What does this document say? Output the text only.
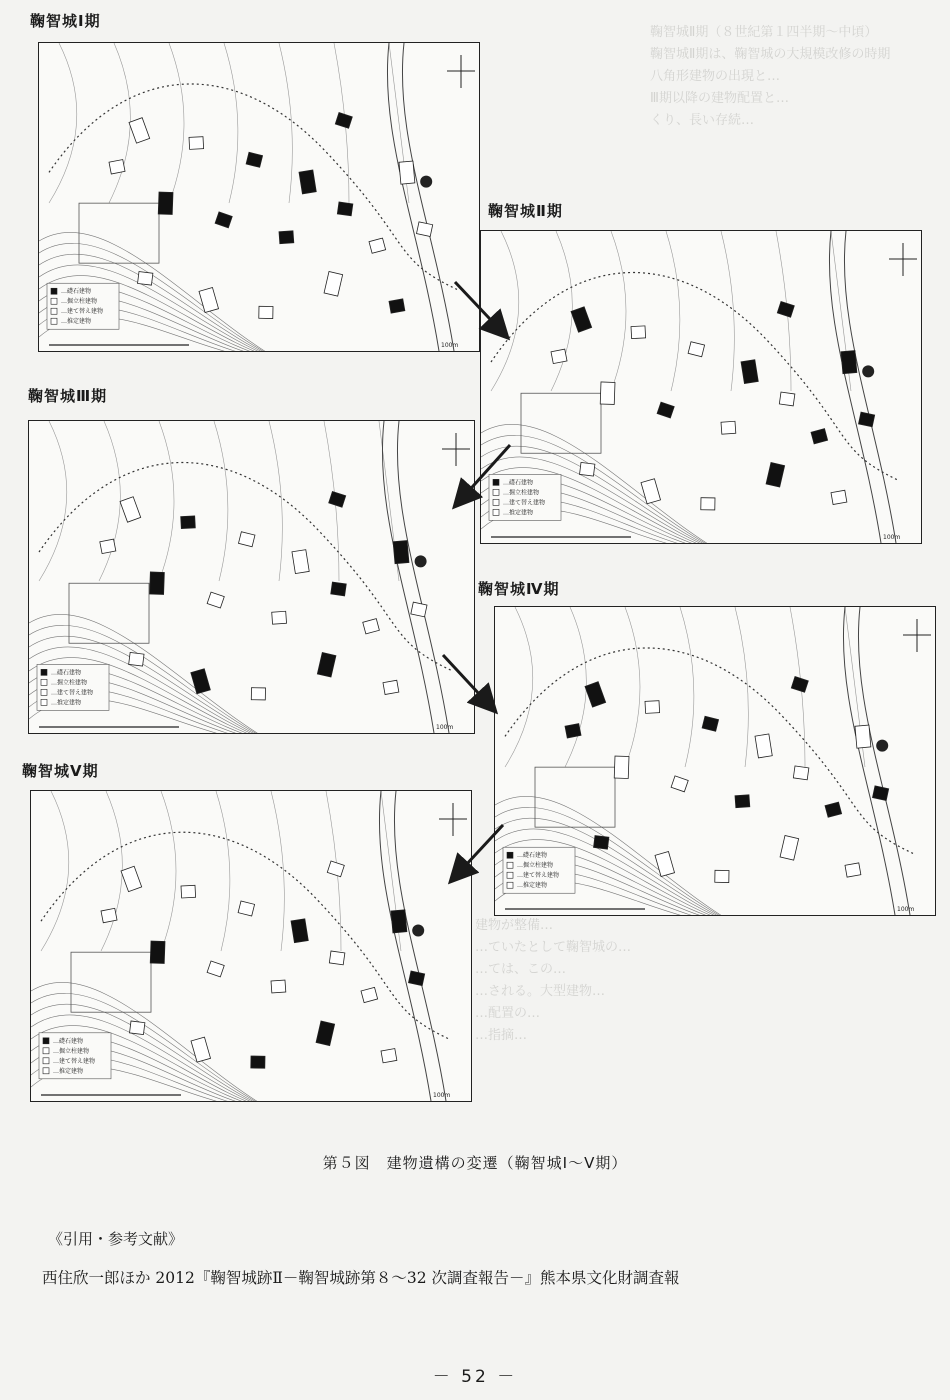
鞠智城Ⅱ期（８世紀第１四半期～中頃）
鞠智城Ⅱ期は、鞠智城の大規模改修の時期
八角形建物の出現と…
Ⅲ期以降の建物配置と…
くり、長い存続…
建物が整備…
…ていたとして鞠智城の…
…ては、この…
…される。大型建物…
…配置の…
…指摘…
鞠智城Ⅰ期
鞠智城Ⅱ期
鞠智城Ⅲ期
鞠智城Ⅳ期
鞠智城Ⅴ期
…礎石建物
…掘立柱建物
…建て替え建物
…推定建物
100m
…礎石建物
…掘立柱建物
…建て替え建物
…推定建物
100m
…礎石建物
…掘立柱建物
…建て替え建物
…推定建物
100m
…礎石建物
…掘立柱建物
…建て替え建物
…推定建物
100m
…礎石建物
…掘立柱建物
…建て替え建物
…推定建物
100m
第５図　建物遺構の変遷（鞠智城Ⅰ～Ⅴ期）
《引用・参考文献》
西住欣一郎ほか 2012『鞠智城跡Ⅱ－鞠智城跡第８～32 次調査報告－』熊本県文化財調査報
－ 52 －
